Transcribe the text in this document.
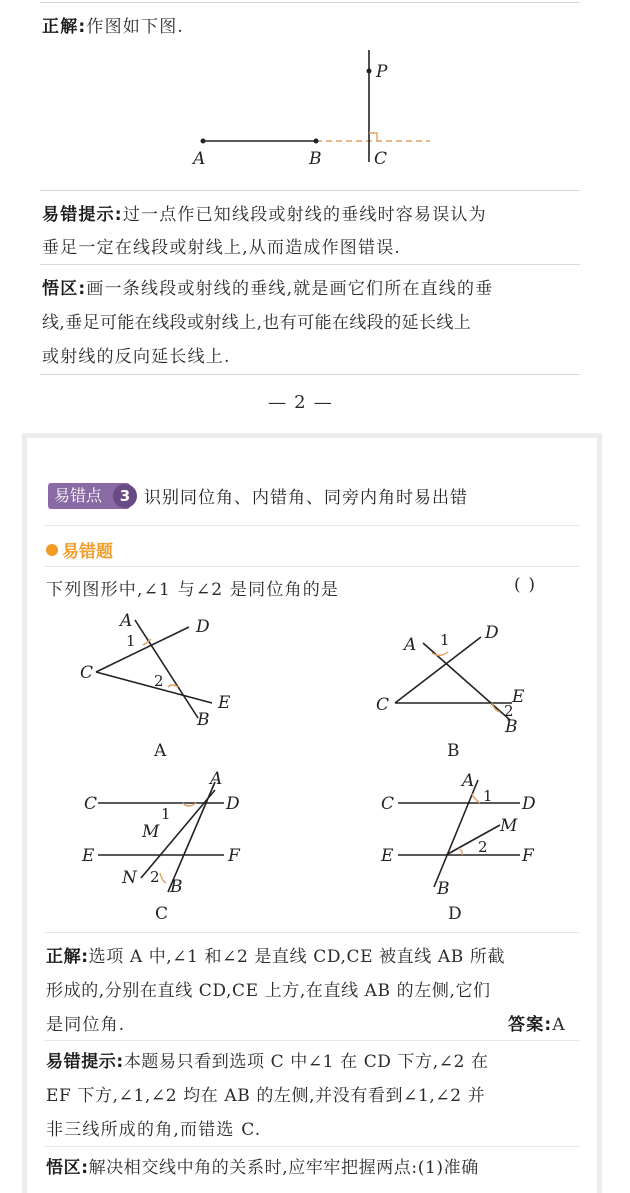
正解:作图如下图.
A	B	C
P
易错提示:过一点作已知线段或射线的垂线时容易误认为
垂足一定在线段或射线上,从而造成作图错误.
悟区:画一条线段或射线的垂线,就是画它们所在直线的垂
线,垂足可能在线段或射线上,也有可能在线段的延长线上
或射线的反向延长线上.
— 2 —
易错点	3 识别同位角、内错角、同旁内角时易出错
易错题
下列图形中,∠1 与∠2 是同位角的是	( )
A	D
C
E
B
1
2
A
A 1 D
C	E
2
B
B
C
A
D
1
M
E	F
N 2 B
C
C
A
1 D
M
2
E	F
B
D
正解:选项 A 中,∠1 和∠2 是直线 CD,CE 被直线 AB 所截
形成的,分别在直线 CD,CE 上方,在直线 AB 的左侧,它们
是同位角.	答案:A
易错提示:本题易只看到选项 C 中∠1 在 CD 下方,∠2 在
EF 下方,∠1,∠2 均在 AB 的左侧,并没有看到∠1,∠2 并
非三线所成的角,而错选 C.
悟区:解决相交线中角的关系时,应牢牢把握两点:(1)准确
